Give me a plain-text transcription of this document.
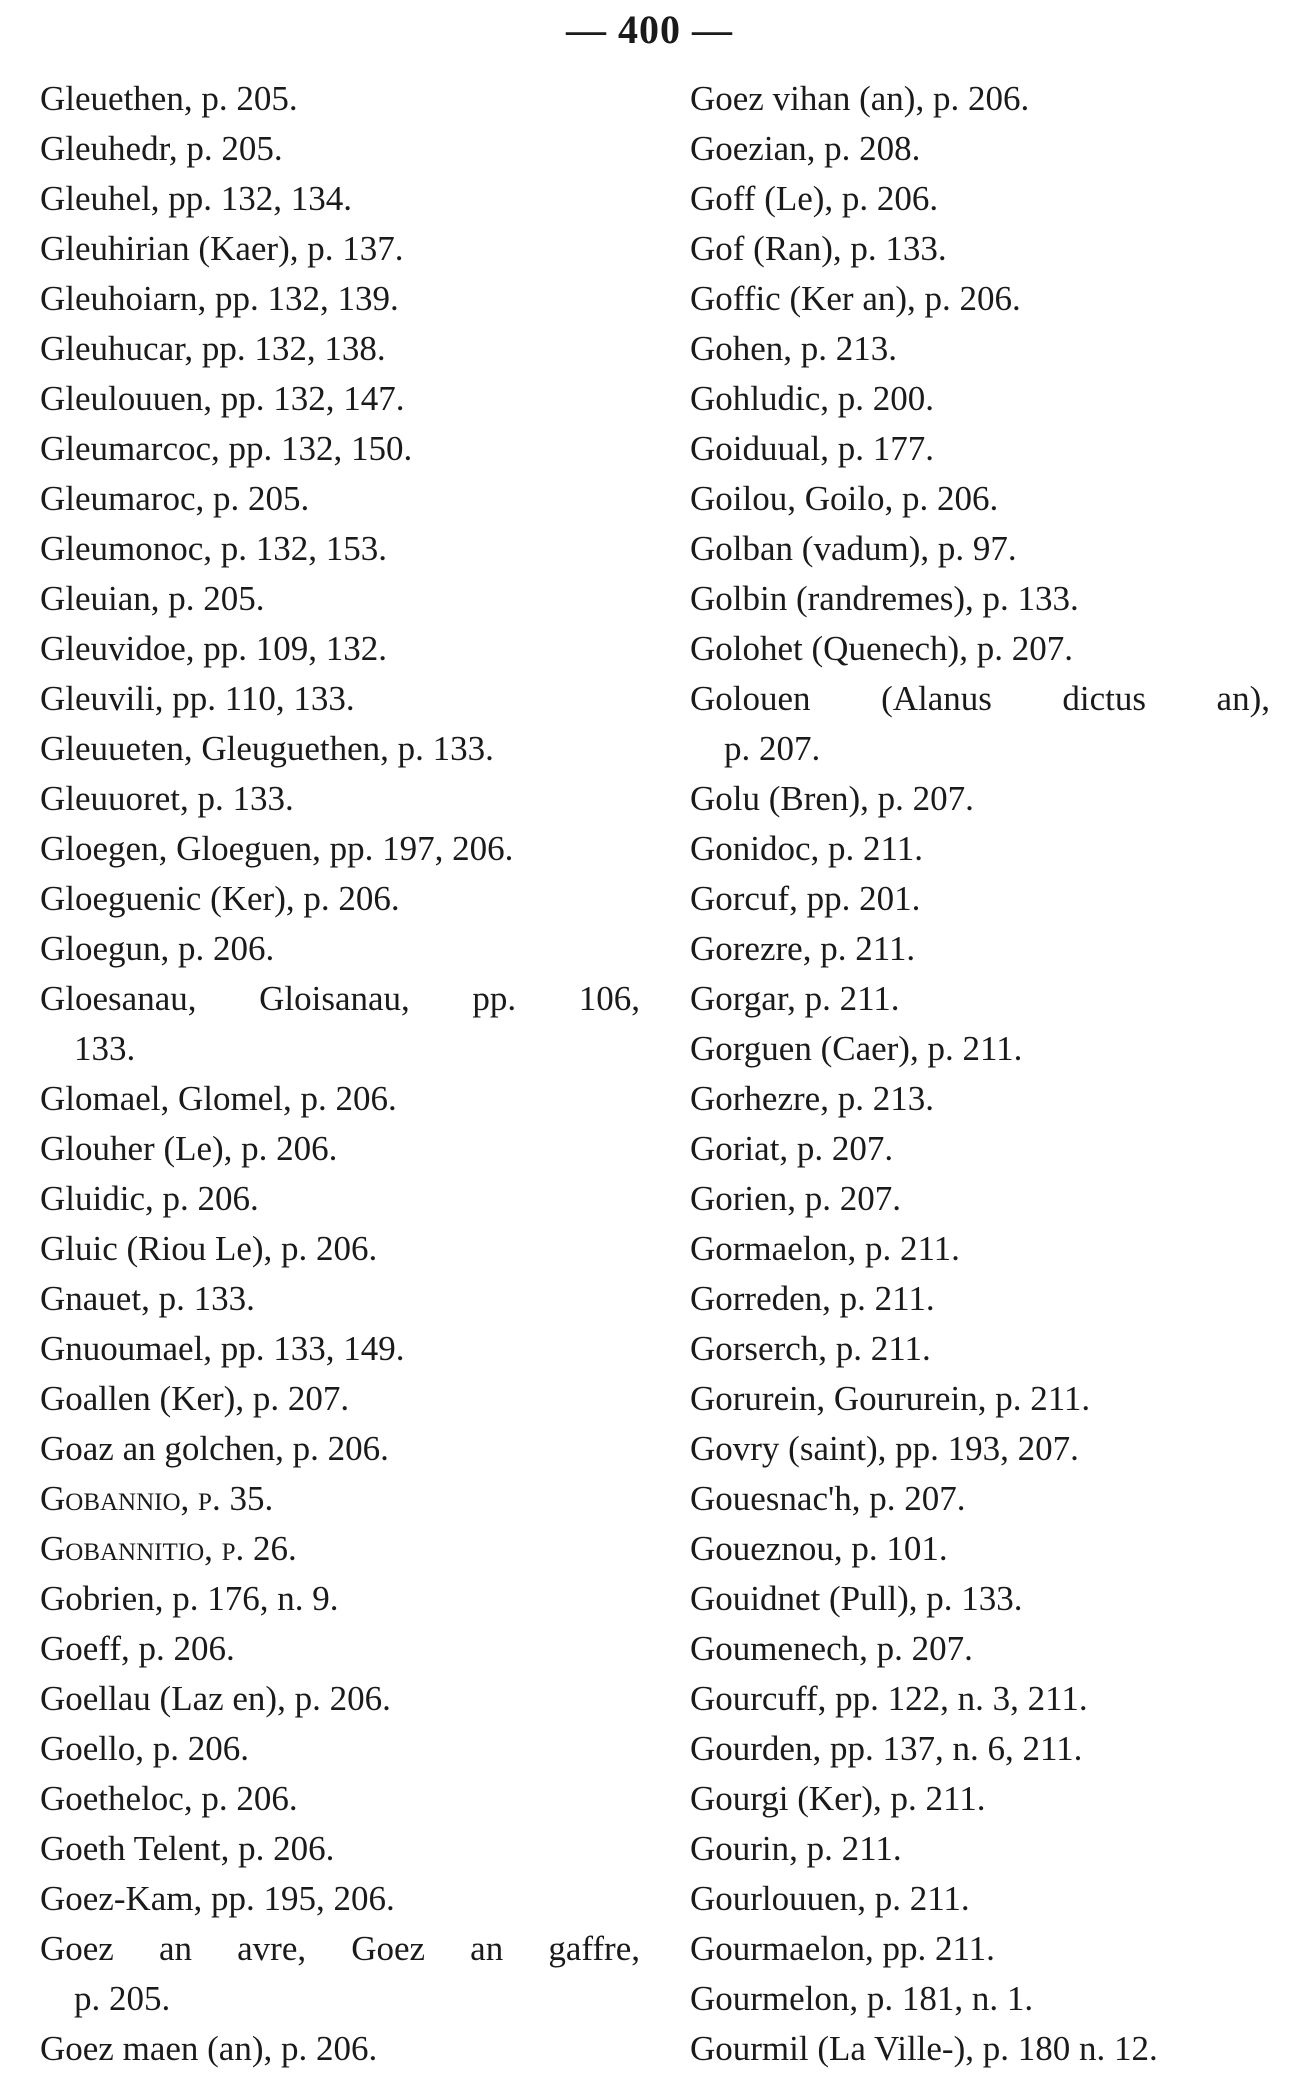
— 400 —

Gleuethen, p. 205.

Gleuhedr, p. 205.

Gleuhel, pp. 132, 134.

Gleuhirian (Kaer), p. 137.

Gleuhoiarn, pp. 132, 139.

Gleuhucar, pp. 132, 138.

Gleulouuen, pp. 132, 147.

Gleumarcoc, pp. 132, 150.

Gleumaroc, p. 205.

Gleumonoc, p. 132, 153.

Gleuian, p. 205.

Gleuvidoe, pp. 109, 132.

Gleuvili, pp. 110, 133.

Gleuueten, Gleuguethen, p. 133.

Gleuuoret, p. 133.

Gloegen, Gloeguen, pp. 197, 206.

Gloeguenic (Ker), p. 206.

Gloegun, p. 206.

Gloesanau, Gloisanau, pp. 106,
133.

Glomael, Glomel, p. 206.

Glouher (Le), p. 206.

Gluidic, p. 206.

Gluic (Riou Le), p. 206.

Gnauet, p. 133.

Gnuoumael, pp. 133, 149.

Goallen (Ker), p. 207.

Goaz an golchen, p. 206.

Gobannio, p. 35.

Gobannitio, p. 26.

Gobrien, p. 176, n. 9.

Goeff, p. 206.

Goellau (Laz en), p. 206.

Goello, p. 206.

Goetheloc, p. 206.

Goeth Telent, p. 206.

Goez-Kam, pp. 195, 206.

Goez an avre, Goez an gaffre,
p. 205.

Goez maen (an), p. 206.

Goez vihan (an), p. 206.

Goezian, p. 208.

Goff (Le), p. 206.

Gof (Ran), p. 133.

Goffic (Ker an), p. 206.

Gohen, p. 213.

Gohludic, p. 200.

Goiduual, p. 177.

Goilou, Goilo, p. 206.

Golban (vadum), p. 97.

Golbin (randremes), p. 133.

Golohet (Quenech), p. 207.

Golouen (Alanus dictus an),
p. 207.

Golu (Bren), p. 207.

Gonidoc, p. 211.

Gorcuf, pp. 201.

Gorezre, p. 211.

Gorgar, p. 211.

Gorguen (Caer), p. 211.

Gorhezre, p. 213.

Goriat, p. 207.

Gorien, p. 207.

Gormaelon, p. 211.

Gorreden, p. 211.

Gorserch, p. 211.

Gorurein, Goururein, p. 211.

Govry (saint), pp. 193, 207.

Gouesnac'h, p. 207.

Goueznou, p. 101.

Gouidnet (Pull), p. 133.

Goumenech, p. 207.

Gourcuff, pp. 122, n. 3, 211.

Gourden, pp. 137, n. 6, 211.

Gourgi (Ker), p. 211.

Gourin, p. 211.

Gourlouuen, p. 211.

Gourmaelon, pp. 211.

Gourmelon, p. 181, n. 1.

Gourmil (La Ville-), p. 180 n. 12.
